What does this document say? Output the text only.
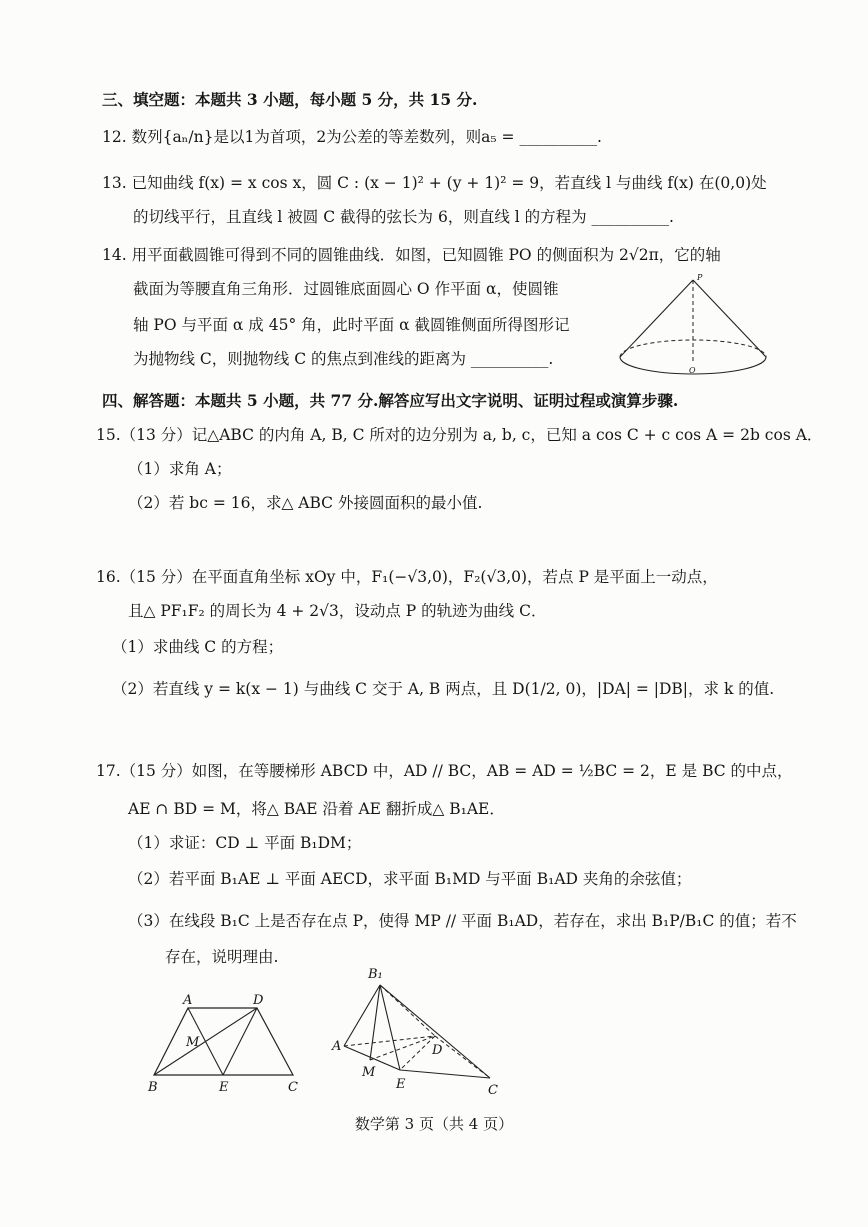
三、填空题：本题共 3 小题，每小题 5 分，共 15 分.
12. 数列{aₙ/n}是以1为首项，2为公差的等差数列，则a₅ = __________.
13. 已知曲线 f(x) = x cos x，圆 C : (x − 1)² + (y + 1)² = 9，若直线 l 与曲线 f(x) 在(0,0)处
的切线平行，且直线 l 被圆 C 截得的弦长为 6，则直线 l 的方程为 __________.
14. 用平面截圆锥可得到不同的圆锥曲线．如图，已知圆锥 PO 的侧面积为 2√2π，它的轴
截面为等腰直角三角形．过圆锥底面圆心 O 作平面 α，使圆锥
轴 PO 与平面 α 成 45° 角，此时平面 α 截圆锥侧面所得图形记
为抛物线 C，则抛物线 C 的焦点到准线的距离为 __________.
P
O
四、解答题：本题共 5 小题，共 77 分.解答应写出文字说明、证明过程或演算步骤.
15.（13 分）记△ABC 的内角 A, B, C 所对的边分别为 a, b, c，已知 a cos C + c cos A = 2b cos A．
（1）求角 A；
（2）若 bc = 16，求△ ABC 外接圆面积的最小值.
16.（15 分）在平面直角坐标 xOy 中，F₁(−√3,0)，F₂(√3,0)，若点 P 是平面上一动点，
且△ PF₁F₂ 的周长为 4 + 2√3，设动点 P 的轨迹为曲线 C．
（1）求曲线 C 的方程；
（2）若直线 y = k(x − 1) 与曲线 C 交于 A, B 两点，且 D(1/2, 0)，|DA| = |DB|，求 k 的值.
17.（15 分）如图，在等腰梯形 ABCD 中，AD // BC，AB = AD = ½BC = 2，E 是 BC 的中点，
AE ∩ BD = M，将△ BAE 沿着 AE 翻折成△ B₁AE．
（1）求证：CD ⊥ 平面 B₁DM；
（2）若平面 B₁AE ⊥ 平面 AECD，求平面 B₁MD 与平面 B₁AD 夹角的余弦值；
（3）在线段 B₁C 上是否存在点 P，使得 MP // 平面 B₁AD，若存在，求出 B₁P/B₁C 的值；若不
存在，说明理由.
A	D
M
B	E	C
B₁
A	D
M
E	C
数学第 3 页（共 4 页）
